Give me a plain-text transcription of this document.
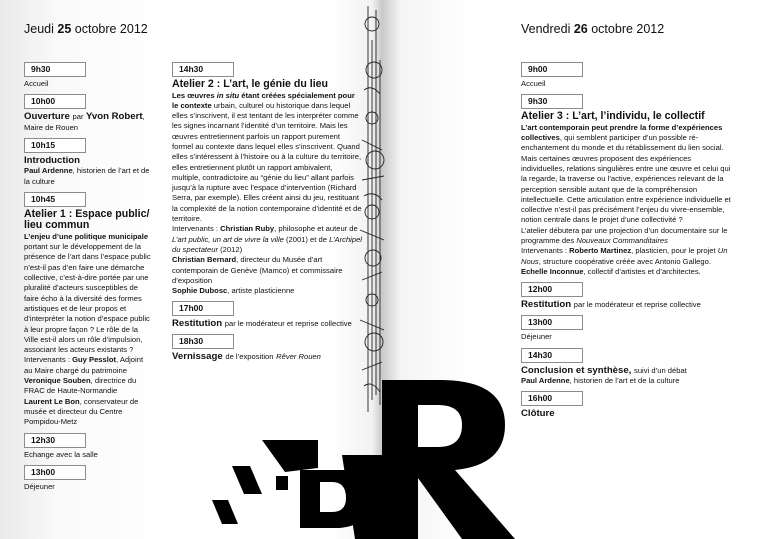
Jeudi 25 octobre 2012	Vendredi 26 octobre 2012
9h30

Accueil

10h00

Ouverture par Yvon Robert, Maire de Rouen

10h15

Introduction

Paul Ardenne, historien de l’art et de la culture

10h45

Atelier 1 : Espace public/ lieu commun

L’enjeu d’une politique municipale portant sur le développement de la présence de l’art dans l’espace public n’est-il pas d’en faire une démarche collective, c’est-à-dire portée par une pluralité d’acteurs susceptibles de faire écho à la diversité des formes artistiques et de leur propos et d’interpréter la notion d’espace public à leur propre façon ? Le rôle de la Ville est-il alors un rôle d’impulsion, associant les acteurs existants ? Intervenants : Guy Pesslot, Adjoint au Maire chargé du patrimoine
Veronique Souben, directrice du FRAC de Haute-Normandie
Laurent Le Bon, conservateur de musée et directeur du Centre Pompidou-Metz

12h30

Echange avec la salle

13h00

Déjeuner

14h30

Atelier 2 : L’art, le génie du lieu

Les œuvres in situ étant créées spécialement pour le contexte urbain, culturel ou historique dans lequel elles s’inscrivent, il est tentant de les interpréter comme les signes incarnant l’identité d’un territoire. Mais les œuvres entretiennent parfois un rapport purement formel au contexte dans lequel elles s’inscrivent. Quand elles s’intéressent à l’histoire ou à la culture du territoire, elles entretiennent plutôt un rapport ambivalent, multiple, contradictoire au “génie du lieu” allant parfois jusqu’à la rupture avec l’espace d’intervention (Richard Serra, par exemple). Elles créent ainsi du jeu, restituant la complexité de la notion contemporaine d’identité et de territoire.
Intervenants : Christian Ruby, philosophe et auteur de L’art public, un art de vivre la ville (2001) et de L’Archipel du spectateur (2012)
Christian Bernard, directeur du Musée d’art contemporain de Genève (Mamco) et commissaire d’exposition
Sophie Dubosc, artiste plasticienne

17h00

Restitution par le modérateur et reprise collective

18h30

Vernissage de l’exposition Rêver Rouen

9h00

Accueil

9h30

Atelier 3 : L’art, l’individu, le collectif

L’art contemporain peut prendre la forme d’expériences collectives, qui semblent participer d’un possible ré-enchantement du monde et du rétablissement du lien social.
Mais certaines œuvres proposent des expériences individuelles, relations singulières entre une œuvre et celui qui la regarde, la traverse ou l’active, expériences relevant de la perception sensible autant que de la compréhension intellectuelle. Cette articulation entre expérience individuelle et collective n’est-il pas précisément l’enjeu du vivre-ensemble, notion centrale dans le projet d’une collectivité ?
L’atelier débutera par une projection d’un documentaire sur le programme des Nouveaux Commanditaires
Intervenants : Roberto Martinez, plasticien, pour le projet Un Nous, structure coopérative créée avec Antonio Gallego.
Echelle Inconnue, collectif d’artistes et d’architectes.

12h00

Restitution par le modérateur et reprise collective

13h00

Déjeuner

14h30

Conclusion et synthèse, suivi d’un débat

Paul Ardenne, historien de l’art et de la culture

16h00

Clôture
